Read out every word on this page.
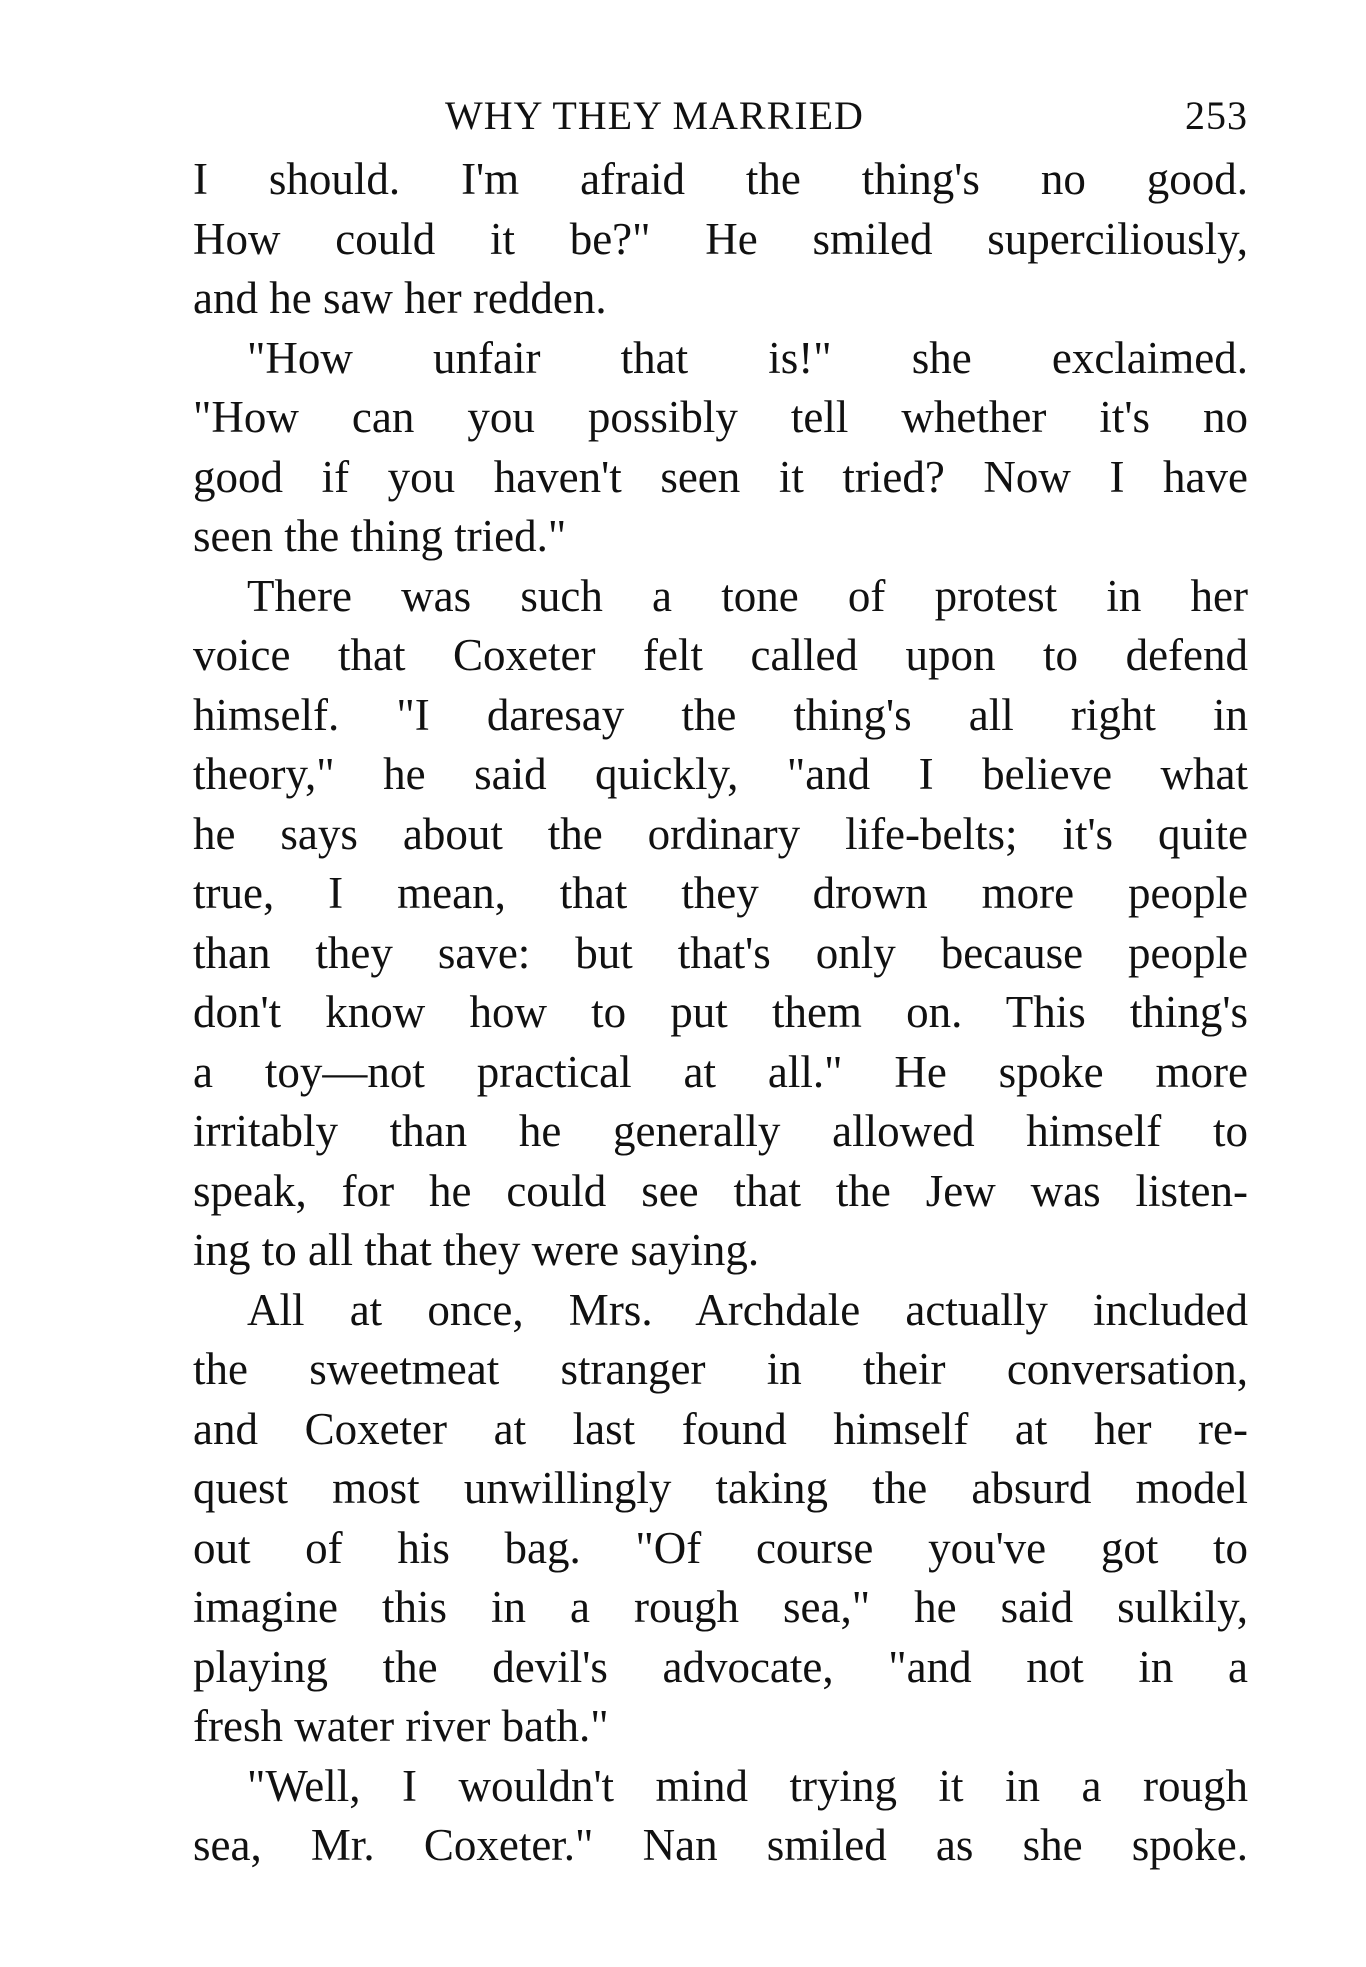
WHY THEY MARRIED	253
I should. I'm afraid the thing's no good.
How could it be?" He smiled superciliously,
and he saw her redden.
"How unfair that is!" she exclaimed.
"How can you possibly tell whether it's no
good if you haven't seen it tried? Now I have
seen the thing tried."
There was such a tone of protest in her
voice that Coxeter felt called upon to defend
himself. "I daresay the thing's all right in
theory," he said quickly, "and I believe what
he says about the ordinary life-belts; it's quite
true, I mean, that they drown more people
than they save: but that's only because people
don't know how to put them on. This thing's
a toy—not practical at all." He spoke more
irritably than he generally allowed himself to
speak, for he could see that the Jew was listen-
ing to all that they were saying.
All at once, Mrs. Archdale actually included
the sweetmeat stranger in their conversation,
and Coxeter at last found himself at her re-
quest most unwillingly taking the absurd model
out of his bag. "Of course you've got to
imagine this in a rough sea," he said sulkily,
playing the devil's advocate, "and not in a
fresh water river bath."
"Well, I wouldn't mind trying it in a rough
sea, Mr. Coxeter." Nan smiled as she spoke.
